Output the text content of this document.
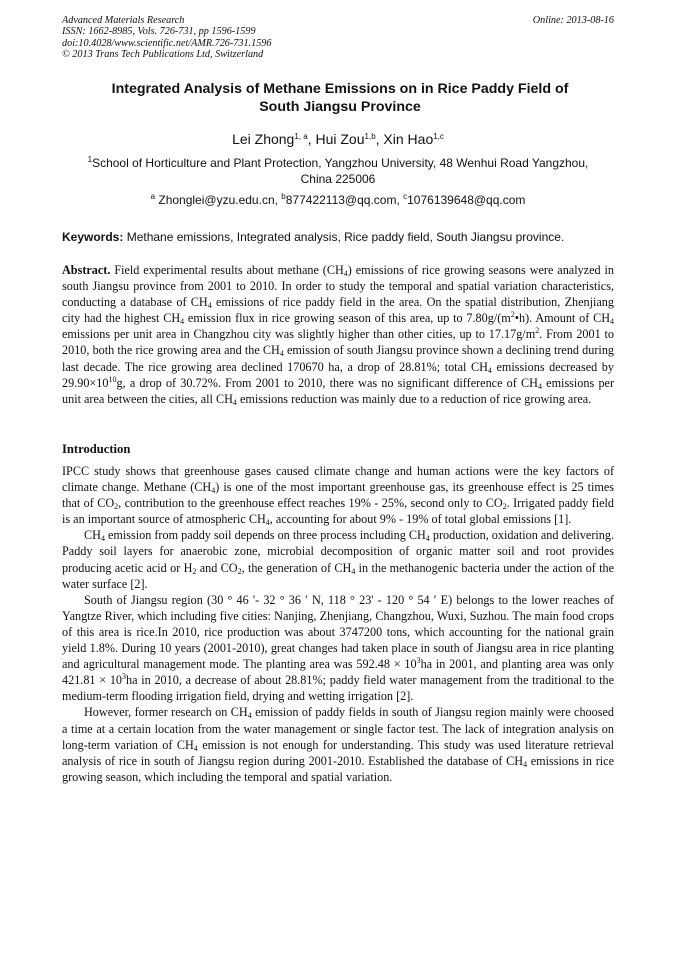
Advanced Materials Research
ISSN: 1662-8985, Vols. 726-731, pp 1596-1599
doi:10.4028/www.scientific.net/AMR.726-731.1596
© 2013 Trans Tech Publications Ltd, Switzerland
Online: 2013-08-16
Integrated Analysis of Methane Emissions on in Rice Paddy Field of
South Jiangsu Province
Lei Zhong$^{1, a}$, Hui Zou$^{1,b}$, Xin Hao$^{1,c}$
$^1$School of Horticulture and Plant Protection, Yangzhou University, 48 Wenhui Road Yangzhou,
China 225006
$^a$ Zhonglei@yzu.edu.cn, $^b$877422113@qq.com, $^c$1076139648@qq.com
Keywords: Methane emissions, Integrated analysis, Rice paddy field, South Jiangsu province.
Abstract. Field experimental results about methane $(CH_4)$ emissions of rice growing seasons were analyzed in south Jiangsu province from 2001 to 2010. In order to study the temporal and spatial variation characteristics, conducting a database of $CH_4$ emissions of rice paddy field in the area. On the spatial distribution, Zhenjiang city had the highest $CH_4$ emission flux in rice growing season of this area, up to $7.80g/(m^2•h)$. Amount of $CH_4$ emissions per unit area in Changzhou city was slightly higher than other cities, up to $17.17g/m^2$. From 2001 to 2010, both the rice growing area and the $CH_4$ emission of south Jiangsu province shown a declining trend during last decade. The rice growing area declined 170670 ha, a drop of 28.81%; total $CH_4$ emissions decreased by $29.90\times 10^{10}g$, a drop of 30.72%. From 2001 to 2010, there was no significant difference of $CH_4$ emissions per unit area between the cities, all $CH_4$ emissions reduction was mainly due to a reduction of rice growing area.
Introduction

IPCC study shows that greenhouse gases caused climate change and human actions were the key factors of climate change. Methane $(CH_4)$ is one of the most important greenhouse gas, its greenhouse effect is 25 times that of $CO_2$, contribution to the greenhouse effect reaches 19% - 25%, second only to $CO_2$. Irrigated paddy field is an important source of atmospheric $CH_4$, accounting for about 9% - 19% of total global emissions [1].

$CH_4$ emission from paddy soil depends on three process including $CH_4$ production, oxidation and delivering. Paddy soil layers for anaerobic zone, microbial decomposition of organic matter soil and root provides producing acetic acid or $H_2$ and $CO_2$, the generation of $CH_4$ in the methanogenic bacteria under the action of the water surface [2].

South of Jiangsu region (30 ° 46 '- 32 ° 36 ′ N, 118 ° 23' - 120 ° 54 ′ E) belongs to the lower reaches of Yangtze River, which including five cities: Nanjing, Zhenjiang, Changzhou, Wuxi, Suzhou. The main food crops of this area is rice.In 2010, rice production was about 3747200 tons, which accounting for the national grain yield 1.8%. During 10 years (2001-2010), great changes had taken place in south of Jiangsu area in rice planting and agricultural management mode. The planting area was $592.48 \times 10^3ha$ in 2001, and planting area was only $421.81 \times 10^3ha$ in 2010, a decrease of about 28.81%; paddy field water management from the traditional to the medium-term flooding irrigation field, drying and wetting irrigation [2].

However, former research on $CH_4$ emission of paddy fields in south of Jiangsu region mainly were choosed a time at a certain location from the water management or single factor test. The lack of integration analysis on long-term variation of $CH_4$ emission is not enough for understanding. This study was used literature retrieval analysis of rice in south of Jiangsu region during 2001-2010. Established the database of $CH_4$ emissions in rice growing season, which including the temporal and spatial variation.
